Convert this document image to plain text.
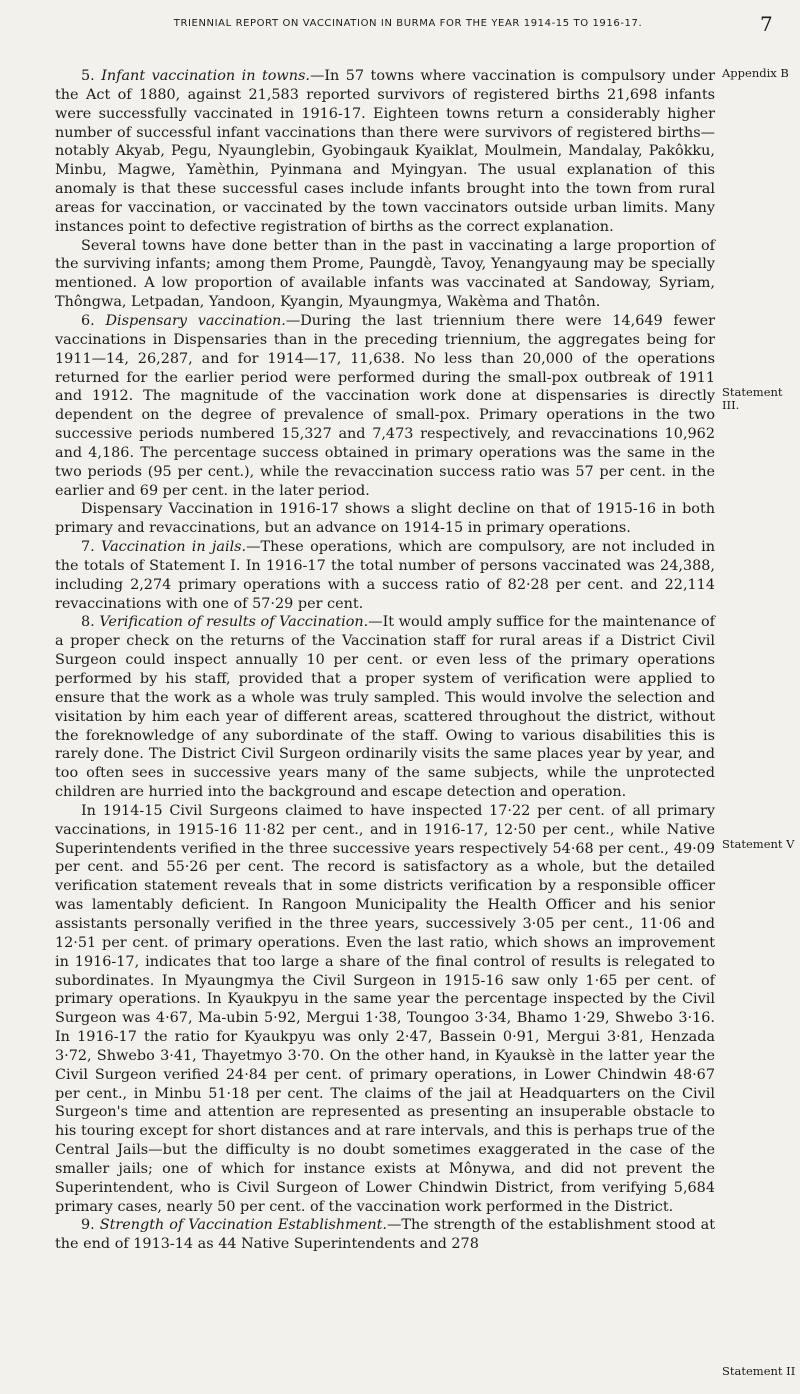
TRIENNIAL REPORT ON VACCINATION IN BURMA FOR THE YEAR 1914-15 TO 1916-17.	7
Appendix B
Statement III.
Statement V
Statement II

5. Infant vaccination in towns.—In 57 towns where vaccination is compulsory under the Act of 1880, against 21,583 reported survivors of registered births 21,698 infants were successfully vaccinated in 1916-17. Eighteen towns return a considerably higher number of successful infant vaccinations than there were survivors of registered births—notably Akyab, Pegu, Nyaunglebin, Gyobingauk Kyaiklat, Moulmein, Mandalay, Pakôkku, Minbu, Magwe, Yamèthin, Pyinmana and Myingyan. The usual explanation of this anomaly is that these successful cases include infants brought into the town from rural areas for vaccination, or vaccinated by the town vaccinators outside urban limits. Many instances point to defective registration of births as the correct explanation.

Several towns have done better than in the past in vaccinating a large proportion of the surviving infants; among them Prome, Paungdè, Tavoy, Yenangyaung may be specially mentioned. A low proportion of available infants was vaccinated at Sandoway, Syriam, Thôngwa, Letpadan, Yandoon, Kyangin, Myaungmya, Wakèma and Thatôn.

6. Dispensary vaccination.—During the last triennium there were 14,649 fewer vaccinations in Dispensaries than in the preceding triennium, the aggregates being for 1911—14, 26,287, and for 1914—17, 11,638. No less than 20,000 of the operations returned for the earlier period were performed during the small-pox outbreak of 1911 and 1912. The magnitude of the vaccination work done at dispensaries is directly dependent on the degree of prevalence of small-pox. Primary operations in the two successive periods numbered 15,327 and 7,473 respectively, and revaccinations 10,962 and 4,186. The percentage success obtained in primary operations was the same in the two periods (95 per cent.), while the revaccination success ratio was 57 per cent. in the earlier and 69 per cent. in the later period.

Dispensary Vaccination in 1916-17 shows a slight decline on that of 1915-16 in both primary and revaccinations, but an advance on 1914-15 in primary operations.

7. Vaccination in jails.—These operations, which are compulsory, are not included in the totals of Statement I. In 1916-17 the total number of persons vaccinated was 24,388, including 2,274 primary operations with a success ratio of 82·28 per cent. and 22,114 revaccinations with one of 57·29 per cent.

8. Verification of results of Vaccination.—It would amply suffice for the maintenance of a proper check on the returns of the Vaccination staff for rural areas if a District Civil Surgeon could inspect annually 10 per cent. or even less of the primary operations performed by his staff, provided that a proper system of verification were applied to ensure that the work as a whole was truly sampled. This would involve the selection and visitation by him each year of different areas, scattered throughout the district, without the foreknowledge of any subordinate of the staff. Owing to various disabilities this is rarely done. The District Civil Surgeon ordinarily visits the same places year by year, and too often sees in successive years many of the same subjects, while the unprotected children are hurried into the background and escape detection and operation.

In 1914-15 Civil Surgeons claimed to have inspected 17·22 per cent. of all primary vaccinations, in 1915-16 11·82 per cent., and in 1916-17, 12·50 per cent., while Native Superintendents verified in the three successive years respectively 54·68 per cent., 49·09 per cent. and 55·26 per cent. The record is satisfactory as a whole, but the detailed verification statement reveals that in some districts verification by a responsible officer was lamentably deficient. In Rangoon Municipality the Health Officer and his senior assistants personally verified in the three years, successively 3·05 per cent., 11·06 and 12·51 per cent. of primary operations. Even the last ratio, which shows an improvement in 1916-17, indicates that too large a share of the final control of results is relegated to subordinates. In Myaungmya the Civil Surgeon in 1915-16 saw only 1·65 per cent. of primary operations. In Kyaukpyu in the same year the percentage inspected by the Civil Surgeon was 4·67, Ma-ubin 5·92, Mergui 1·38, Toungoo 3·34, Bhamo 1·29, Shwebo 3·16. In 1916-17 the ratio for Kyaukpyu was only 2·47, Bassein 0·91, Mergui 3·81, Henzada 3·72, Shwebo 3·41, Thayetmyo 3·70. On the other hand, in Kyauksè in the latter year the Civil Surgeon verified 24·84 per cent. of primary operations, in Lower Chindwin 48·67 per cent., in Minbu 51·18 per cent. The claims of the jail at Headquarters on the Civil Surgeon's time and attention are represented as presenting an insuperable obstacle to his touring except for short distances and at rare intervals, and this is perhaps true of the Central Jails—but the difficulty is no doubt sometimes exaggerated in the case of the smaller jails; one of which for instance exists at Mônywa, and did not prevent the Superintendent, who is Civil Surgeon of Lower Chindwin District, from verifying 5,684 primary cases, nearly 50 per cent. of the vaccination work performed in the District.

9. Strength of Vaccination Establishment.—The strength of the establishment stood at the end of 1913-14 as 44 Native Superintendents and 278
